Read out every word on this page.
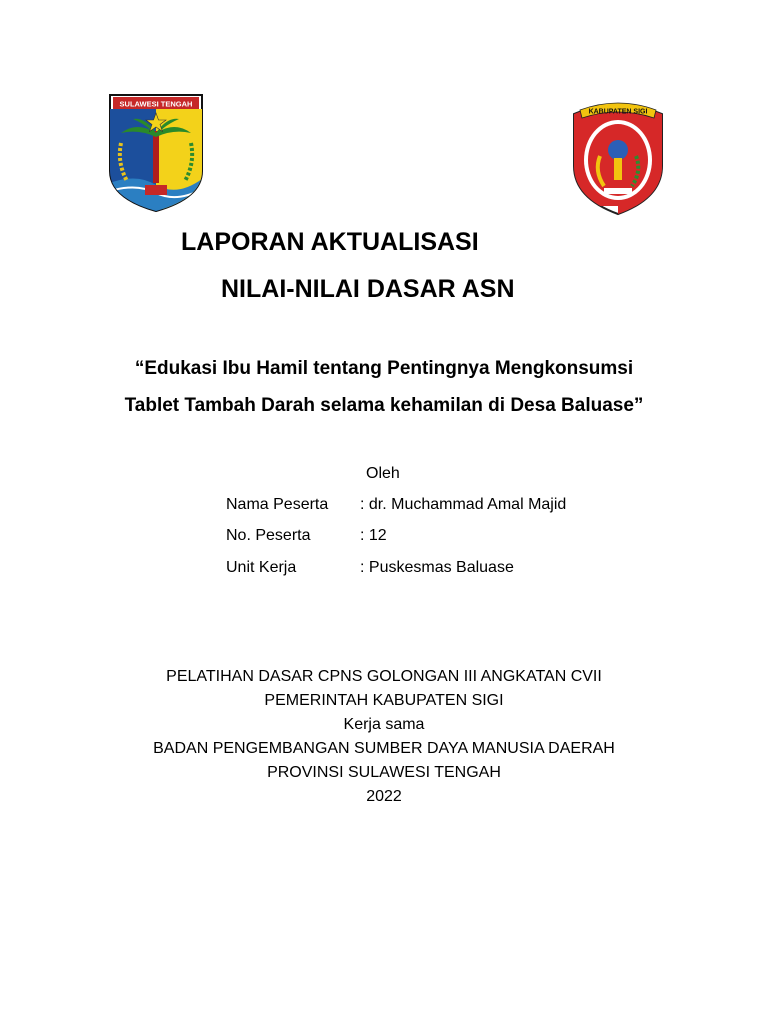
SULAWESI TENGAH
KABUPATEN SIGI
LAPORAN AKTUALISASI
NILAI-NILAI DASAR ASN
“Edukasi Ibu Hamil tentang Pentingnya Mengkonsumsi
Tablet Tambah Darah selama kehamilan di Desa Baluase”
Oleh
Nama Peserta : dr. Muchammad Amal Majid
No. Peserta	: 12
Unit Kerja	: Puskesmas Baluase
PELATIHAN DASAR CPNS GOLONGAN III ANGKATAN CVII
PEMERINTAH KABUPATEN SIGI
Kerja sama
BADAN PENGEMBANGAN SUMBER DAYA MANUSIA DAERAH
PROVINSI SULAWESI TENGAH
2022
